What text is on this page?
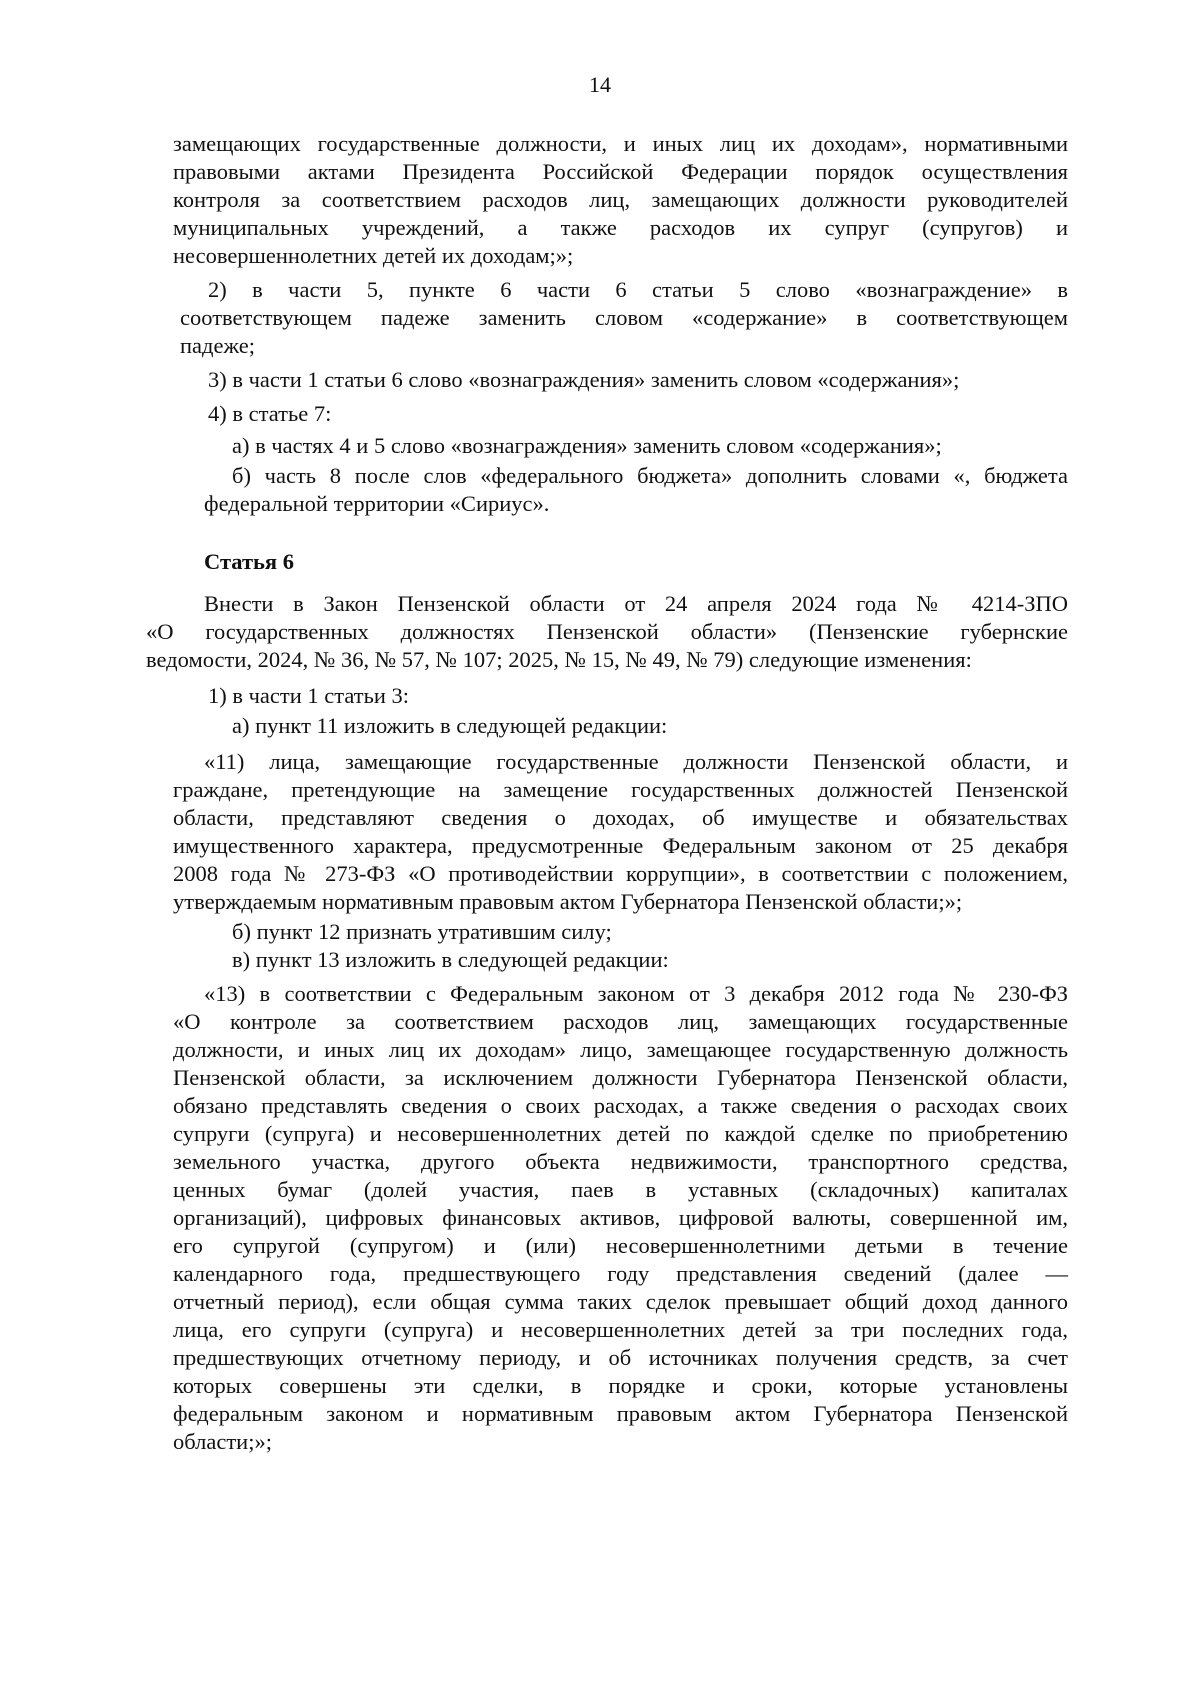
14
замещающих государственные должности, и иных лиц их доходам», нормативными
правовыми актами Президента Российской Федерации порядок осуществления
контроля за соответствием расходов лиц, замещающих должности руководителей
муниципальных учреждений, а также расходов их супруг (супругов) и
несовершеннолетних детей их доходам;»;
2) в части 5, пункте 6 части 6 статьи 5 слово «вознаграждение» в
соответствующем падеже заменить словом «содержание» в соответствующем
падеже;
3) в части 1 статьи 6 слово «вознаграждения» заменить словом «содержания»;
4) в статье 7:
а) в частях 4 и 5 слово «вознаграждения» заменить словом «содержания»;
б) часть 8 после слов «федерального бюджета» дополнить словами «, бюджета
федеральной территории «Сириус».
Статья 6
Внести в Закон Пензенской области от 24 апреля 2024 года № 4214-ЗПО
«О государственных должностях Пензенской области» (Пензенские губернские
ведомости, 2024, № 36, № 57, № 107; 2025, № 15, № 49, № 79) следующие изменения:
1) в части 1 статьи 3:
а) пункт 11 изложить в следующей редакции:
«11) лица, замещающие государственные должности Пензенской области, и
граждане, претендующие на замещение государственных должностей Пензенской
области, представляют сведения о доходах, об имуществе и обязательствах
имущественного характера, предусмотренные Федеральным законом от 25 декабря
2008 года № 273-ФЗ «О противодействии коррупции», в соответствии с положением,
утверждаемым нормативным правовым актом Губернатора Пензенской области;»;
б) пункт 12 признать утратившим силу;
в) пункт 13 изложить в следующей редакции:
«13) в соответствии с Федеральным законом от 3 декабря 2012 года № 230-ФЗ
«О контроле за соответствием расходов лиц, замещающих государственные
должности, и иных лиц их доходам» лицо, замещающее государственную должность
Пензенской области, за исключением должности Губернатора Пензенской области,
обязано представлять сведения о своих расходах, а также сведения о расходах своих
супруги (супруга) и несовершеннолетних детей по каждой сделке по приобретению
земельного участка, другого объекта недвижимости, транспортного средства,
ценных бумаг (долей участия, паев в уставных (складочных) капиталах
организаций), цифровых финансовых активов, цифровой валюты, совершенной им,
его супругой (супругом) и (или) несовершеннолетними детьми в течение
календарного года, предшествующего году представления сведений (далее —
отчетный период), если общая сумма таких сделок превышает общий доход данного
лица, его супруги (супруга) и несовершеннолетних детей за три последних года,
предшествующих отчетному периоду, и об источниках получения средств, за счет
которых совершены эти сделки, в порядке и сроки, которые установлены
федеральным законом и нормативным правовым актом Губернатора Пензенской
области;»;
